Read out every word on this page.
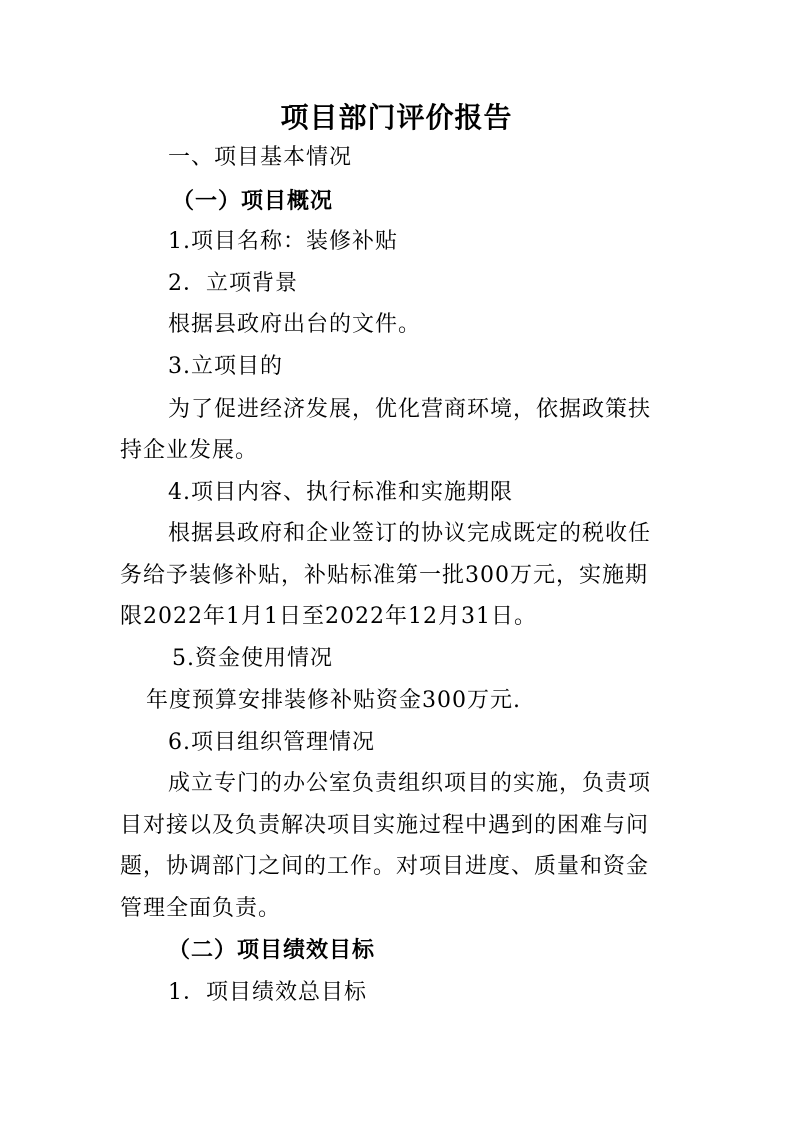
项目部门评价报告
一、项目基本情况
（一）项目概况
1.项目名称：装修补贴
2．立项背景
根据县政府出台的文件。
3.立项目的
为了促进经济发展，优化营商环境，依据政策扶
持企业发展。
4.项目内容、执行标准和实施期限
根据县政府和企业签订的协议完成既定的税收任
务给予装修补贴，补贴标准第一批300万元，实施期
限2022年1月1日至2022年12月31日。
5.资金使用情况
年度预算安排装修补贴资金300万元.
6.项目组织管理情况
成立专门的办公室负责组织项目的实施，负责项
目对接以及负责解决项目实施过程中遇到的困难与问
题，协调部门之间的工作。对项目进度、质量和资金
管理全面负责。
（二）项目绩效目标
1．项目绩效总目标
